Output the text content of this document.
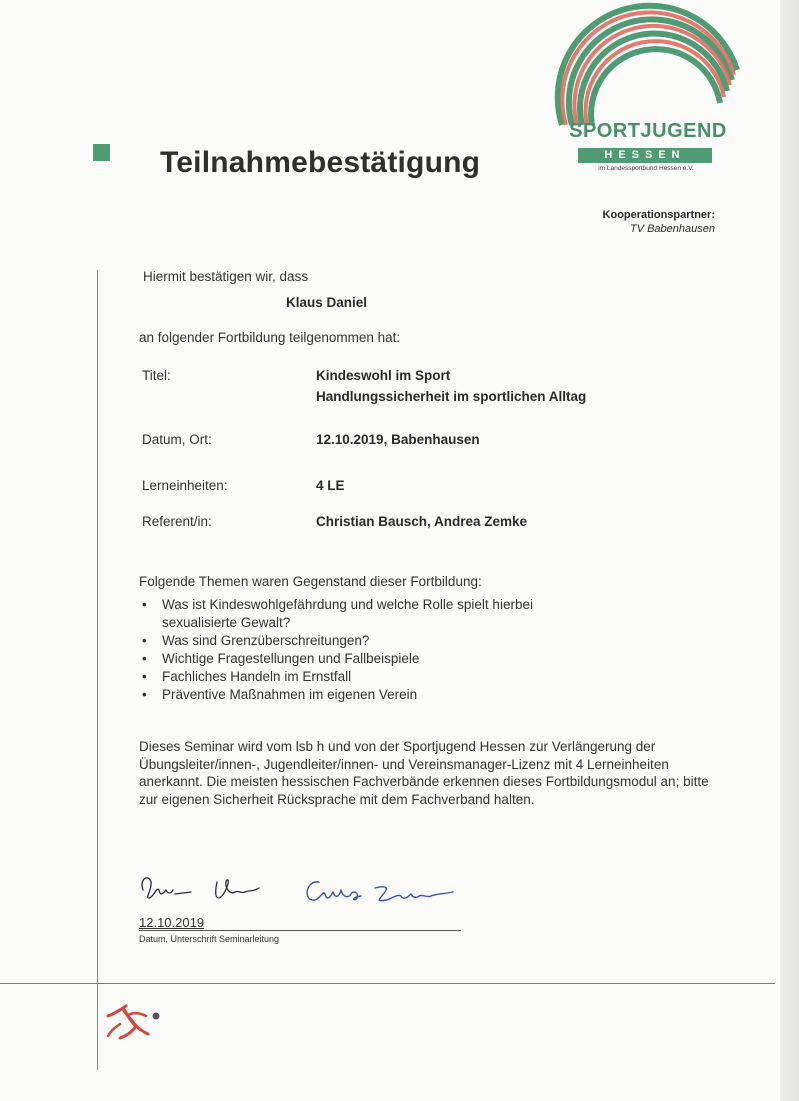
SPORTJUGEND
HESSEN
im Landessportbund Hessen e.V.
Teilnahmebestätigung
Kooperationspartner:
TV Babenhausen
Hiermit bestätigen wir, dass
Klaus Daniel
an folgender Fortbildung teilgenommen hat:
Titel:	Kindeswohl im Sport
Handlungssicherheit im sportlichen Alltag
Datum, Ort:	12.10.2019, Babenhausen
Lerneinheiten:	4 LE
Referent/in:	Christian Bausch, Andrea Zemke
Folgende Themen waren Gegenstand dieser Fortbildung:
• Was ist Kindeswohlgefährdung und welche Rolle spielt hierbei sexualisierte Gewalt?
• Was sind Grenzüberschreitungen?
• Wichtige Fragestellungen und Fallbeispiele
• Fachliches Handeln im Ernstfall
• Präventive Maßnahmen im eigenen Verein
Dieses Seminar wird vom lsb h und von der Sportjugend Hessen zur Verlängerung der Übungsleiter/innen-, Jugendleiter/innen- und Vereinsmanager-Lizenz mit 4 Lerneinheiten anerkannt. Die meisten hessischen Fachverbände erkennen dieses Fortbildungsmodul an; bitte zur eigenen Sicherheit Rücksprache mit dem Fachverband halten.
12.10.2019
Datum, Unterschrift Seminarleitung
